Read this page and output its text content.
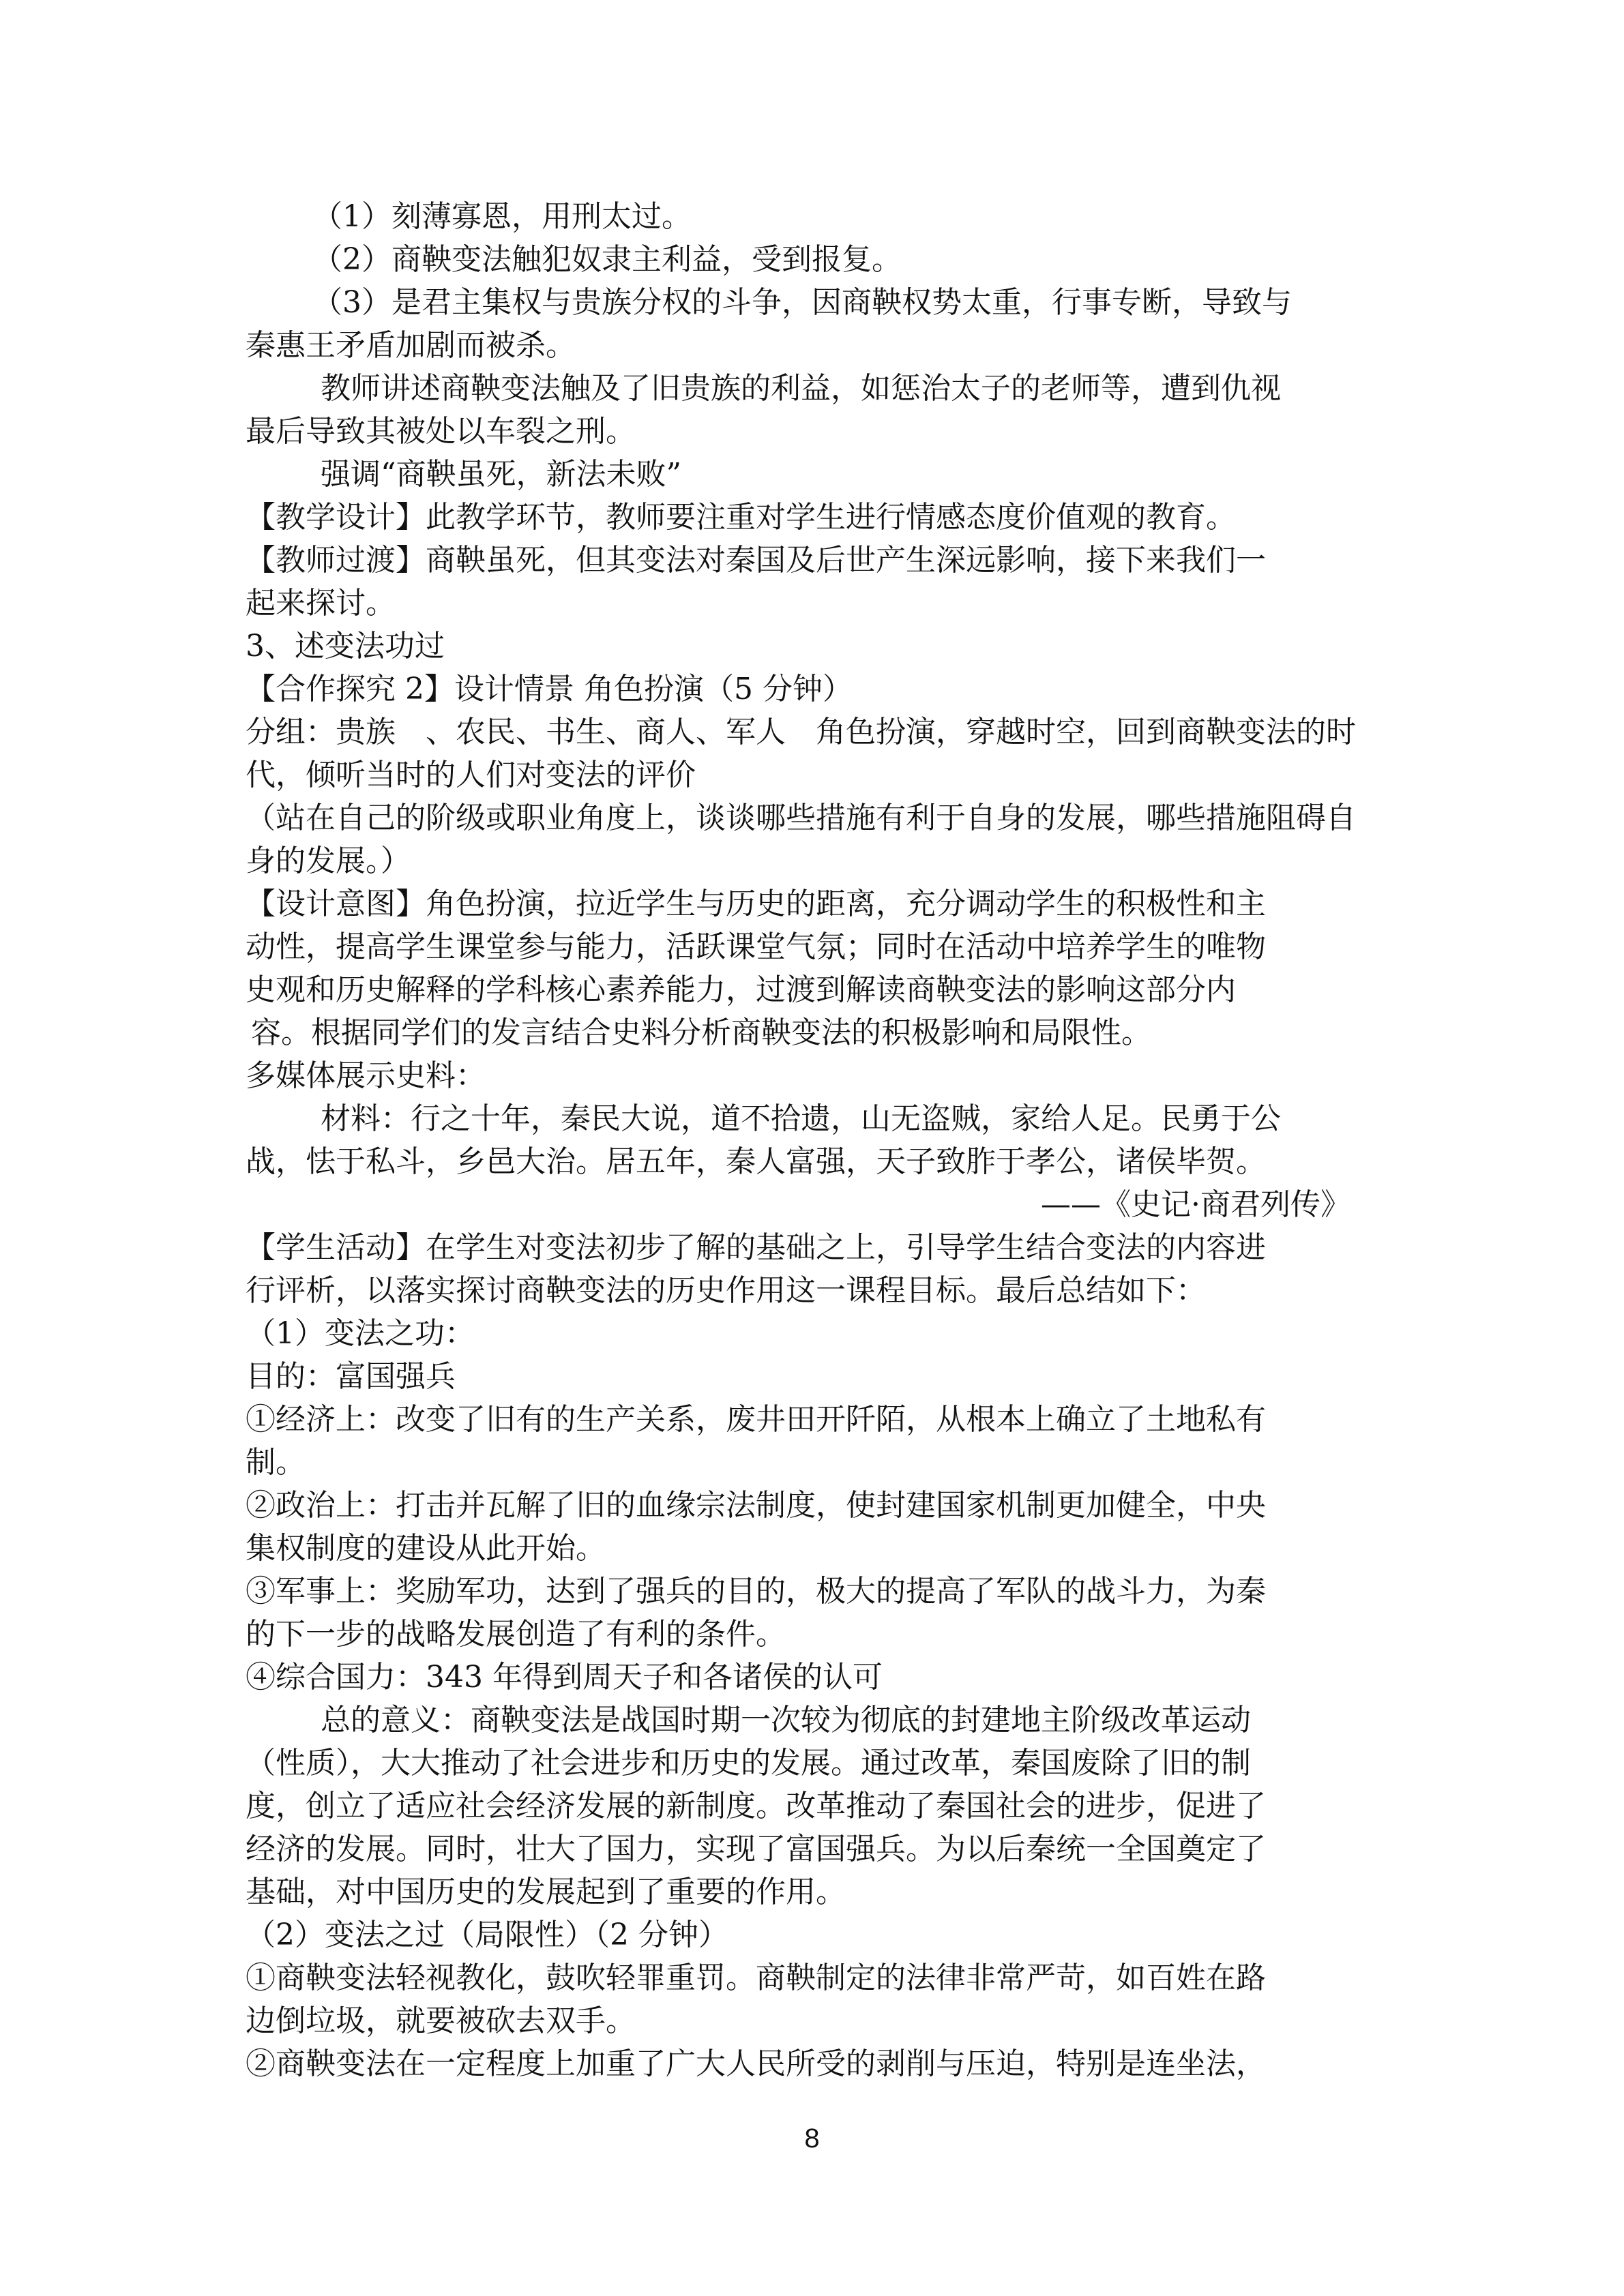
（1）刻薄寡恩，用刑太过。
（2）商鞅变法触犯奴隶主利益，受到报复。
（3）是君主集权与贵族分权的斗争，因商鞅权势太重，行事专断，导致与
秦惠王矛盾加剧而被杀。
教师讲述商鞅变法触及了旧贵族的利益，如惩治太子的老师等，遭到仇视
最后导致其被处以车裂之刑。
强调“商鞅虽死，新法未败”
【教学设计】此教学环节，教师要注重对学生进行情感态度价值观的教育。
【教师过渡】商鞅虽死，但其变法对秦国及后世产生深远影响，接下来我们一
起来探讨。
3、述变法功过
【合作探究 2】设计情景 角色扮演（5 分钟）
分组：贵族　、农民、书生、商人、军人　角色扮演，穿越时空，回到商鞅变法的时
代，倾听当时的人们对变法的评价
（站在自己的阶级或职业角度上，谈谈哪些措施有利于自身的发展，哪些措施阻碍自
身的发展。）
【设计意图】角色扮演，拉近学生与历史的距离，充分调动学生的积极性和主
动性，提高学生课堂参与能力，活跃课堂气氛；同时在活动中培养学生的唯物
史观和历史解释的学科核心素养能力，过渡到解读商鞅变法的影响这部分内
容。根据同学们的发言结合史料分析商鞅变法的积极影响和局限性。
多媒体展示史料：
材料：行之十年，秦民大说，道不拾遗，山无盗贼，家给人足。民勇于公
战，怯于私斗，乡邑大治。居五年，秦人富强，天子致胙于孝公，诸侯毕贺。
——《史记·商君列传》
【学生活动】在学生对变法初步了解的基础之上，引导学生结合变法的内容进
行评析，以落实探讨商鞅变法的历史作用这一课程目标。最后总结如下：
（1）变法之功：
目的：富国强兵
①经济上：改变了旧有的生产关系，废井田开阡陌，从根本上确立了土地私有
制。
②政治上：打击并瓦解了旧的血缘宗法制度，使封建国家机制更加健全，中央
集权制度的建设从此开始。
③军事上：奖励军功，达到了强兵的目的，极大的提高了军队的战斗力，为秦
的下一步的战略发展创造了有利的条件。
④综合国力：343 年得到周天子和各诸侯的认可
总的意义：商鞅变法是战国时期一次较为彻底的封建地主阶级改革运动
（性质），大大推动了社会进步和历史的发展。通过改革，秦国废除了旧的制
度，创立了适应社会经济发展的新制度。改革推动了秦国社会的进步，促进了
经济的发展。同时，壮大了国力，实现了富国强兵。为以后秦统一全国奠定了
基础，对中国历史的发展起到了重要的作用。
（2）变法之过（局限性）（2 分钟）
①商鞅变法轻视教化，鼓吹轻罪重罚。商鞅制定的法律非常严苛，如百姓在路
边倒垃圾，就要被砍去双手。
②商鞅变法在一定程度上加重了广大人民所受的剥削与压迫，特别是连坐法，
8
